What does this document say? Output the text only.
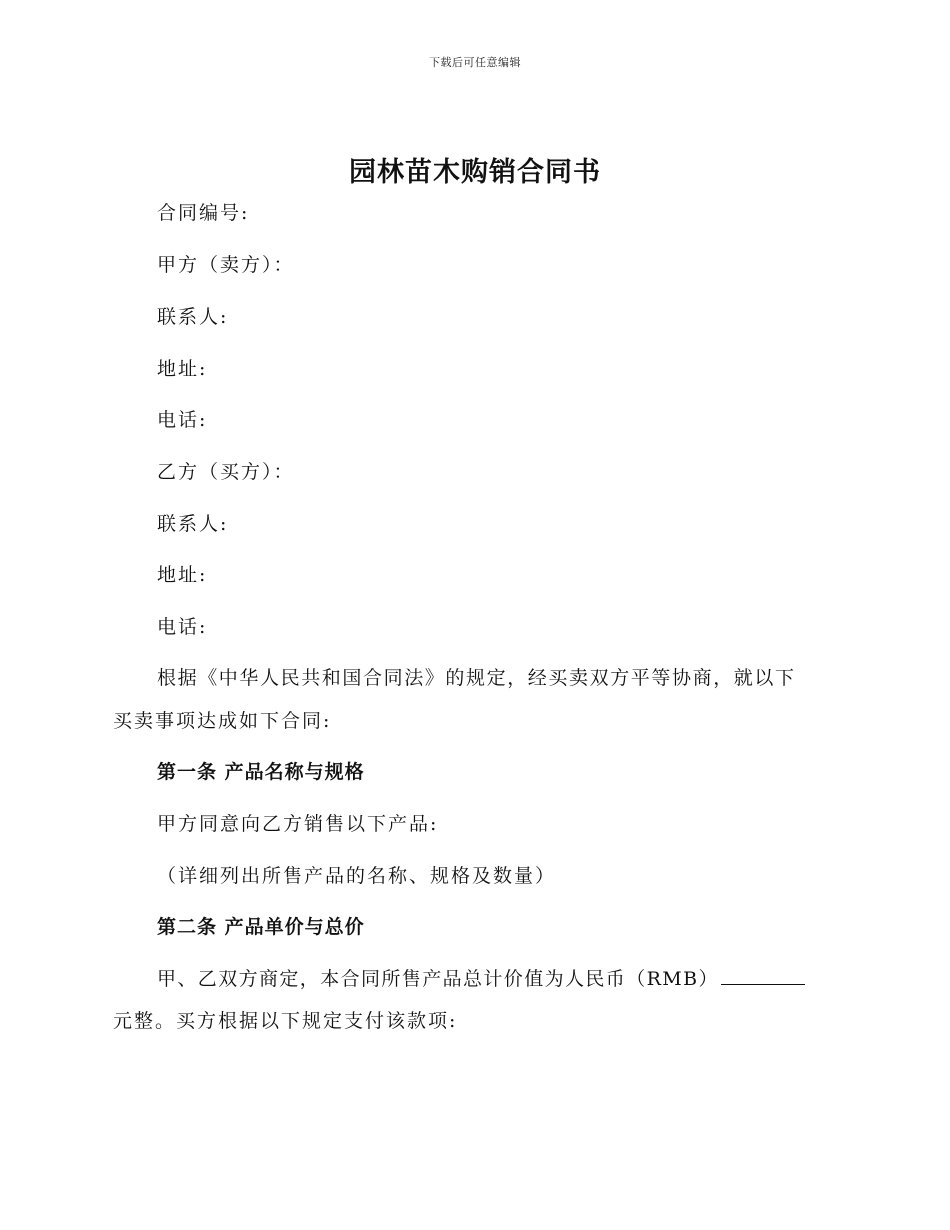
下载后可任意编辑
园林苗木购销合同书
合同编号:
甲方（卖方）：
联系人:
地址:
电话:
乙方（买方）：
联系人:
地址:
电话:
根据《中华人民共和国合同法》的规定，经买卖双方平等协商，就以下
买卖事项达成如下合同:
第一条 产品名称与规格
甲方同意向乙方销售以下产品:
（详细列出所售产品的名称、规格及数量）
第二条 产品单价与总价
甲、乙双方商定，本合同所售产品总计价值为人民币（RMB）
元整。买方根据以下规定支付该款项:
